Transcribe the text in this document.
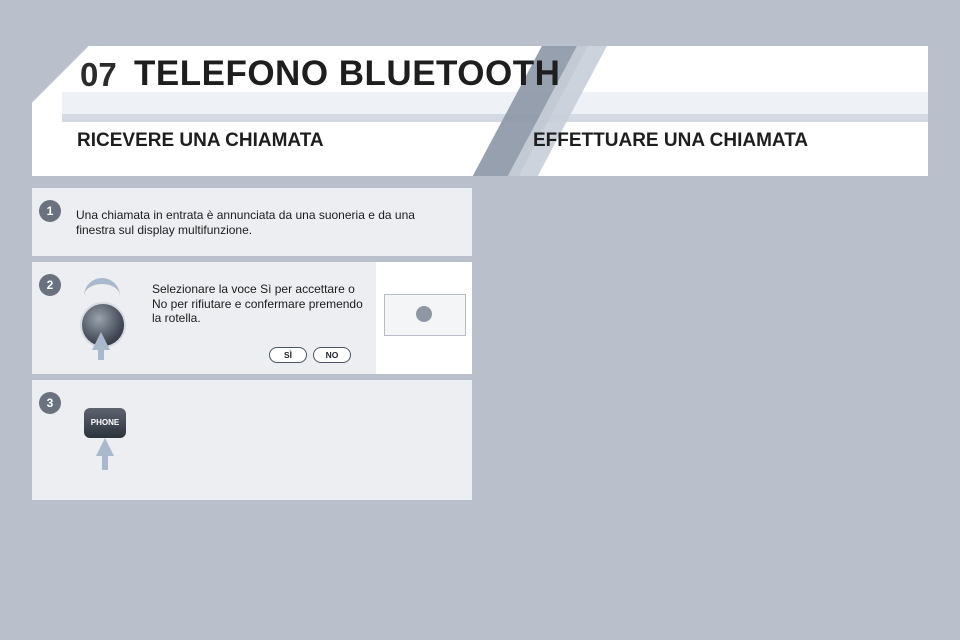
07 TELEFONO BLUETOOTH
RICEVERE UNA CHIAMATA	EFFETTUARE UNA CHIAMATA
1	Una chiamata in entrata è annunciata da una suoneria e da una finestra sul display multifunzione.
2	Selezionare la voce Sì per accettare o No per rifiutare e confermare premendo la rotella.
SÌ	NO
3
PHONE
